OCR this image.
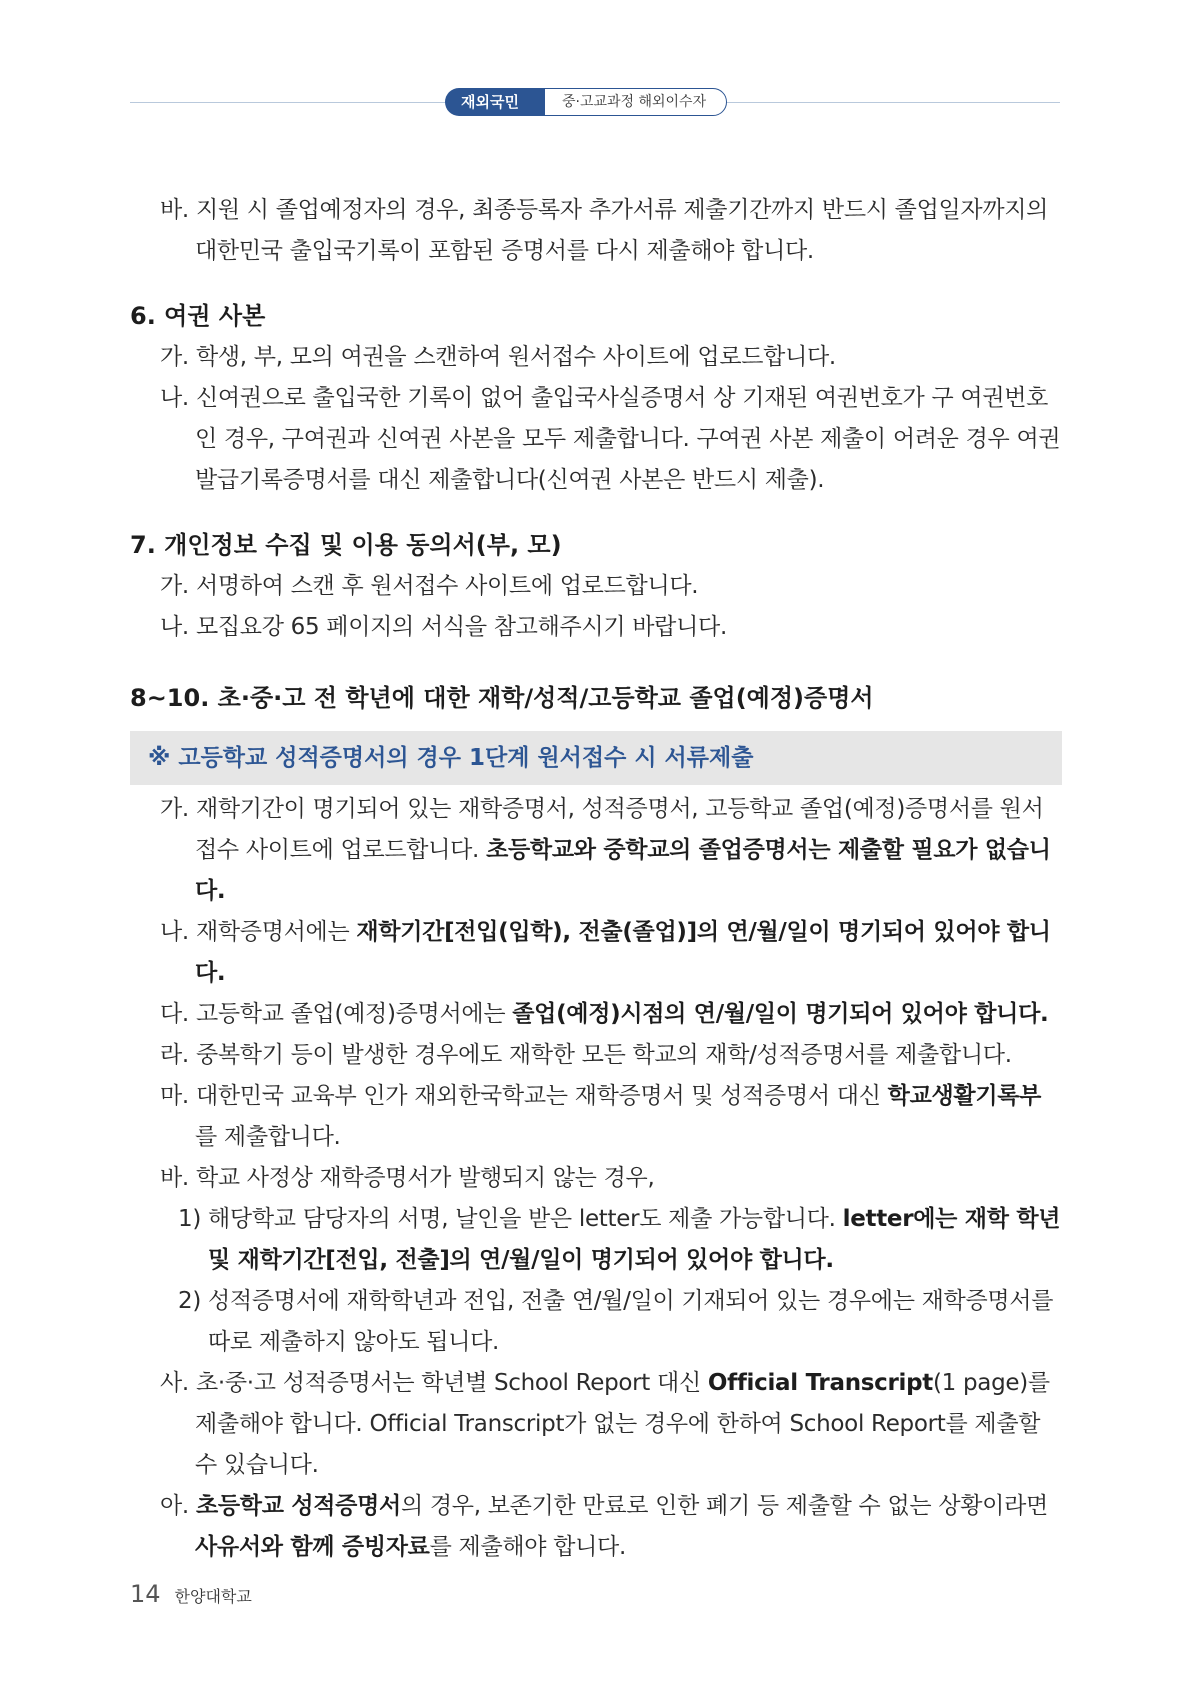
재외국민	중·고교과정 해외이수자

바. 지원 시 졸업예정자의 경우, 최종등록자 추가서류 제출기간까지 반드시 졸업일자까지의 대한민국 출입국기록이 포함된 증명서를 다시 제출해야 합니다.

6. 여권 사본

가. 학생, 부, 모의 여권을 스캔하여 원서접수 사이트에 업로드합니다.

나. 신여권으로 출입국한 기록이 없어 출입국사실증명서 상 기재된 여권번호가 구 여권번호인 경우, 구여권과 신여권 사본을 모두 제출합니다. 구여권 사본 제출이 어려운 경우 여권발급기록증명서를 대신 제출합니다(신여권 사본은 반드시 제출).

7. 개인정보 수집 및 이용 동의서(부, 모)

가. 서명하여 스캔 후 원서접수 사이트에 업로드합니다.

나. 모집요강 65 페이지의 서식을 참고해주시기 바랍니다.

8~10. 초·중·고 전 학년에 대한 재학/성적/고등학교 졸업(예정)증명서

※ 고등학교 성적증명서의 경우 1단계 원서접수 시 서류제출

가. 재학기간이 명기되어 있는 재학증명서, 성적증명서, 고등학교 졸업(예정)증명서를 원서접수 사이트에 업로드합니다. 초등학교와 중학교의 졸업증명서는 제출할 필요가 없습니다.

나. 재학증명서에는 재학기간[전입(입학), 전출(졸업)]의 연/월/일이 명기되어 있어야 합니다.

다. 고등학교 졸업(예정)증명서에는 졸업(예정)시점의 연/월/일이 명기되어 있어야 합니다.

라. 중복학기 등이 발생한 경우에도 재학한 모든 학교의 재학/성적증명서를 제출합니다.

마. 대한민국 교육부 인가 재외한국학교는 재학증명서 및 성적증명서 대신 학교생활기록부를 제출합니다.

바. 학교 사정상 재학증명서가 발행되지 않는 경우,

1) 해당학교 담당자의 서명, 날인을 받은 letter도 제출 가능합니다. letter에는 재학 학년 및 재학기간[전입, 전출]의 연/월/일이 명기되어 있어야 합니다.

2) 성적증명서에 재학학년과 전입, 전출 연/월/일이 기재되어 있는 경우에는 재학증명서를 따로 제출하지 않아도 됩니다.

사. 초·중·고 성적증명서는 학년별 School Report 대신 Official Transcript(1 page)를 제출해야 합니다. Official Transcript가 없는 경우에 한하여 School Report를 제출할 수 있습니다.

아. 초등학교 성적증명서의 경우, 보존기한 만료로 인한 폐기 등 제출할 수 없는 상황이라면 사유서와 함께 증빙자료를 제출해야 합니다.

14 한양대학교
